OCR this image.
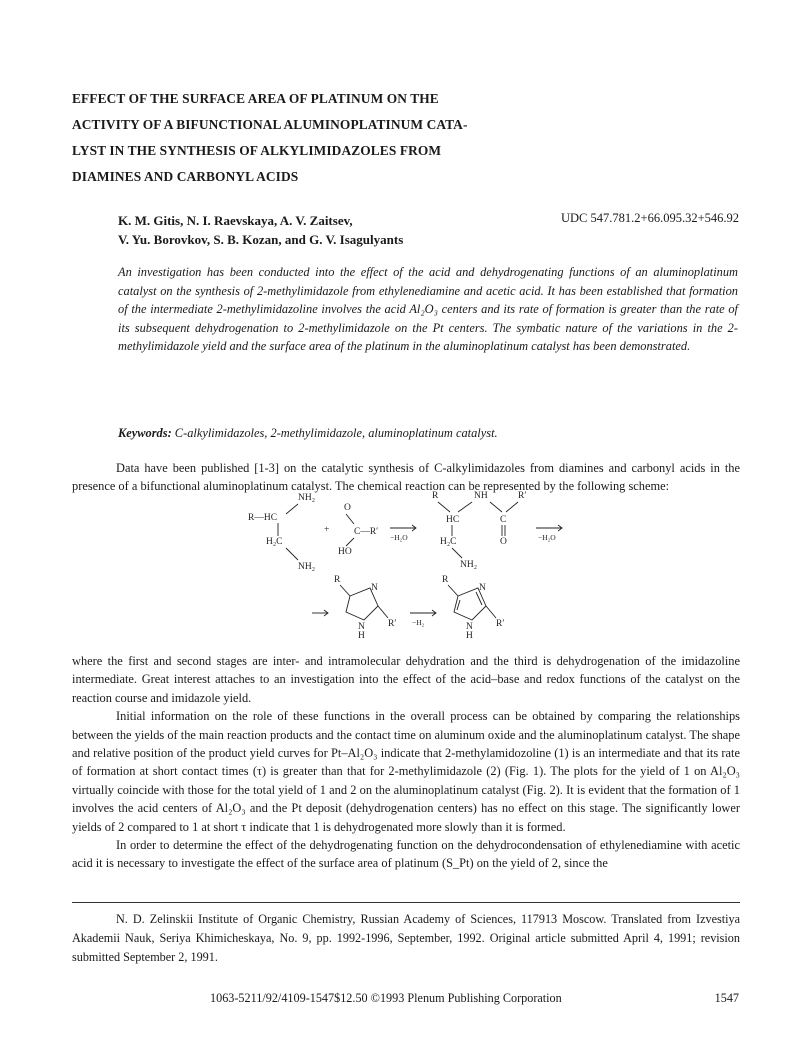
EFFECT OF THE SURFACE AREA OF PLATINUM ON THE
ACTIVITY OF A BIFUNCTIONAL ALUMINOPLATINUM CATA-
LYST IN THE SYNTHESIS OF ALKYLIMIDAZOLES FROM
DIAMINES AND CARBONYL ACIDS
K. M. Gitis, N. I. Raevskaya, A. V. Zaitsev,
V. Yu. Borovkov, S. B. Kozan, and G. V. Isagulyants
UDC 547.781.2+66.095.32+546.92
An investigation has been conducted into the effect of the acid and dehydrogenating functions of an aluminoplatinum catalyst on the synthesis of 2-methylimidazole from ethylenediamine and acetic acid. It has been established that formation of the intermediate 2-methylimidazoline involves the acid Al₂O₃ centers and its rate of formation is greater than the rate of its subsequent dehydrogenation to 2-methylimidazole on the Pt centers. The symbatic nature of the variations in the 2-methylimidazole yield and the surface area of the platinum in the aluminoplatinum catalyst has been demonstrated.
Keywords: C-alkylimidazoles, 2-methylimidazole, aluminoplatinum catalyst.
Data have been published [1-3] on the catalytic synthesis of C-alkylimidazoles from diamines and carbonyl acids in the presence of a bifunctional aluminoplatinum catalyst. The chemical reaction can be represented by the following scheme:
NH₂
R—HC
H₂C
NH₂
+
O
C—R′
HO
−H₂O
R	NH	R′
HC	C
H₂C	O
NH₂
−H₂O
R
N
N
H
R′ −H₂
R
N
N
H
R′
where the first and second stages are inter- and intramolecular dehydration and the third is dehydrogenation of the imidazoline intermediate. Great interest attaches to an investigation into the effect of the acid–base and redox functions of the catalyst on the reaction course and imidazole yield.
Initial information on the role of these functions in the overall process can be obtained by comparing the relationships between the yields of the main reaction products and the contact time on aluminum oxide and the aluminoplatinum catalyst. The shape and relative position of the product yield curves for Pt–Al₂O₃ indicate that 2-methylamidozoline (1) is an intermediate and that its rate of formation at short contact times (τ) is greater than that for 2-methylimidazole (2) (Fig. 1). The plots for the yield of 1 on Al₂O₃ virtually coincide with those for the total yield of 1 and 2 on the aluminoplatinum catalyst (Fig. 2). It is evident that the formation of 1 involves the acid centers of Al₂O₃ and the Pt deposit (dehydrogenation centers) has no effect on this stage. The significantly lower yields of 2 compared to 1 at short τ indicate that 1 is dehydrogenated more slowly than it is formed.
In order to determine the effect of the dehydrogenating function on the dehydrocondensation of ethylenediamine with acetic acid it is necessary to investigate the effect of the surface area of platinum (S_Pt) on the yield of 2, since the
N. D. Zelinskii Institute of Organic Chemistry, Russian Academy of Sciences, 117913 Moscow. Translated from Izvestiya Akademii Nauk, Seriya Khimicheskaya, No. 9, pp. 1992-1996, September, 1992. Original article submitted April 4, 1991; revision submitted September 2, 1991.
1063-5211/92/4109-1547$12.50 ©1993 Plenum Publishing Corporation	1547
